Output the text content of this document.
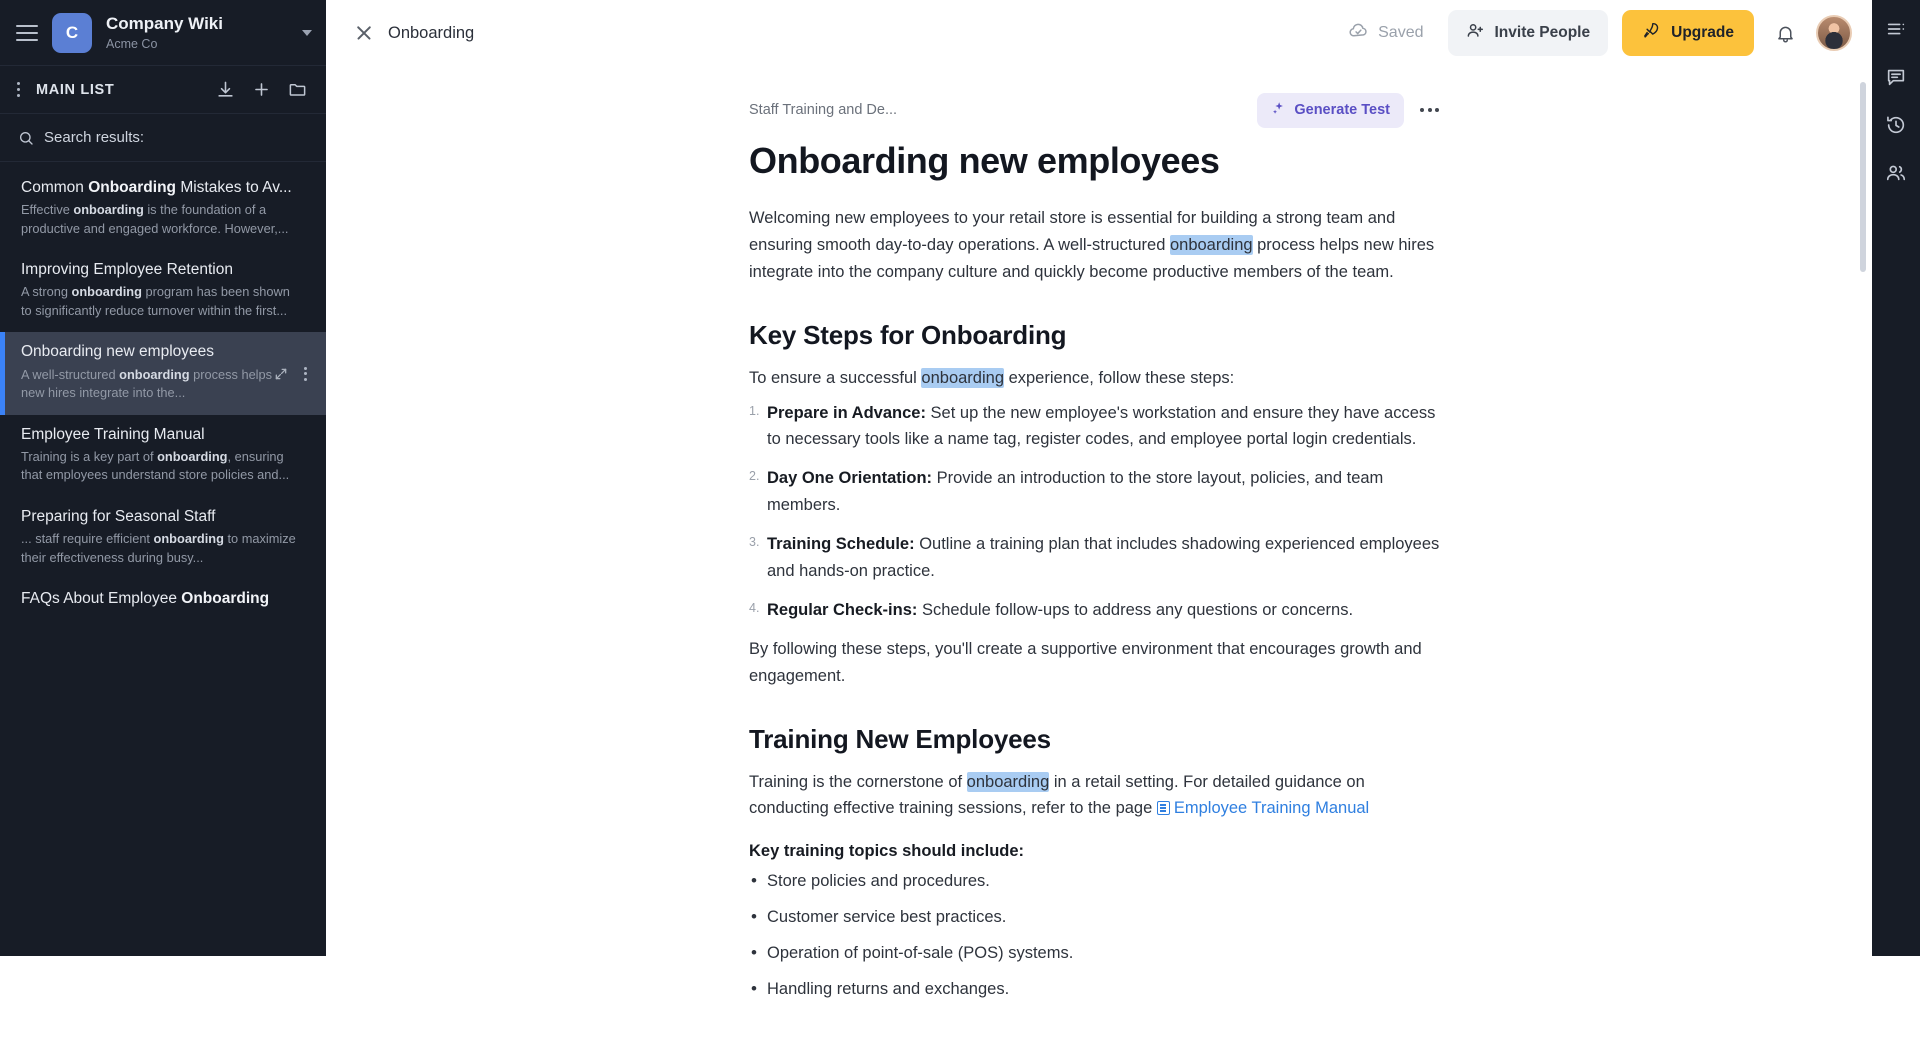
C	Company Wiki
Acme Co
MAIN LIST
Search results:
Common Onboarding Mistakes to Av...
Effective onboarding is the foundation of a productive and engaged workforce. However,...
Improving Employee Retention
A strong onboarding program has been shown to significantly reduce turnover within the first...
Onboarding new employees
A well-structured onboarding process helps new hires integrate into the...
Employee Training Manual
Training is a key part of onboarding, ensuring that employees understand store policies and...
Preparing for Seasonal Staff
... staff require efficient onboarding to maximize their effectiveness during busy...
FAQs About Employee Onboarding
Onboarding	Saved	Invite People	Upgrade
Staff Training and De...	Generate Test
Onboarding new employees

Welcoming new employees to your retail store is essential for building a strong team and ensuring smooth day-to-day operations. A well-structured onboarding process helps new hires integrate into the company culture and quickly become productive members of the team.

Key Steps for Onboarding

To ensure a successful onboarding experience, follow these steps:

Prepare in Advance: Set up the new employee's workstation and ensure they have access to necessary tools like a name tag, register codes, and employee portal login credentials.
Day One Orientation: Provide an introduction to the store layout, policies, and team members.
Training Schedule: Outline a training plan that includes shadowing experienced employees and hands-on practice.
Regular Check-ins: Schedule follow-ups to address any questions or concerns.

By following these steps, you'll create a supportive environment that encourages growth and engagement.

Training New Employees

Training is the cornerstone of onboarding in a retail setting. For detailed guidance on conducting effective training sessions, refer to the page Employee Training Manual

Key training topics should include:

• Store policies and procedures.
• Customer service best practices.
• Operation of point-of-sale (POS) systems.
• Handling returns and exchanges.
